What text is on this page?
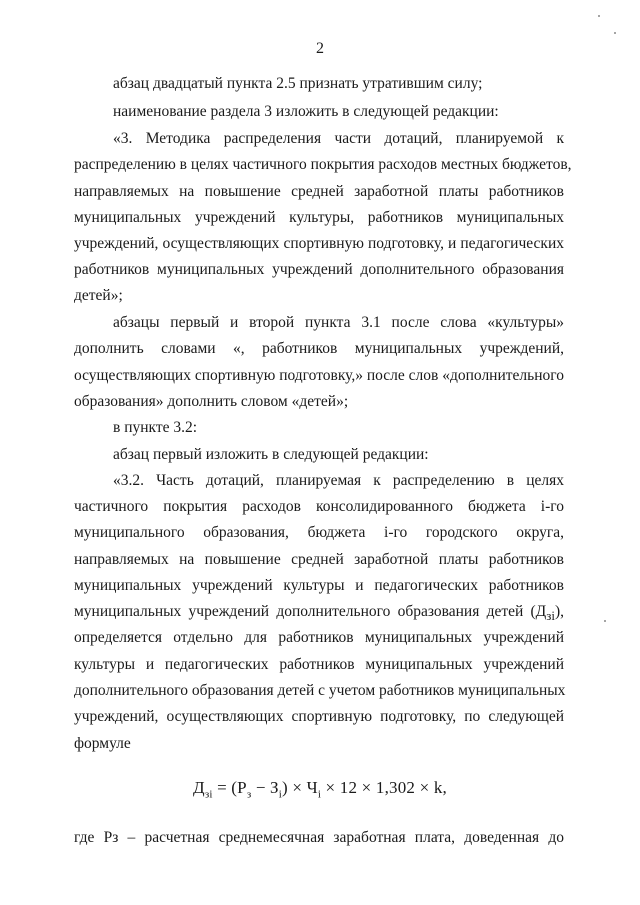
2
абзац двадцатый пункта 2.5 признать утратившим силу;
наименование раздела 3 изложить в следующей редакции:
«3. Методика распределения части дотаций, планируемой к
распределению в целях частичного покрытия расходов местных бюджетов,
направляемых на повышение средней заработной платы работников
муниципальных учреждений культуры, работников муниципальных
учреждений, осуществляющих спортивную подготовку, и педагогических
работников муниципальных учреждений дополнительного образования
детей»;
абзацы первый и второй пункта 3.1 после слова «культуры»
дополнить словами «, работников муниципальных учреждений,
осуществляющих спортивную подготовку,» после слов «дополнительного
образования» дополнить словом «детей»;
в пункте 3.2:
абзац первый изложить в следующей редакции:
«3.2. Часть дотаций, планируемая к распределению в целях
частичного покрытия расходов консолидированного бюджета i-го
муниципального образования, бюджета i-го городского округа,
направляемых на повышение средней заработной платы работников
муниципальных учреждений культуры и педагогических работников
муниципальных учреждений дополнительного образования детей $(Д_{зi})$,
определяется отдельно для работников муниципальных учреждений
культуры и педагогических работников муниципальных учреждений
дополнительного образования детей с учетом работников муниципальных
учреждений, осуществляющих спортивную подготовку, по следующей
формуле
$Д_{зi} = (Р_з - З_i) \times Ч_i \times 12 \times 1,302 \times k$,
где Рз – расчетная среднемесячная заработная плата, доведенная до
